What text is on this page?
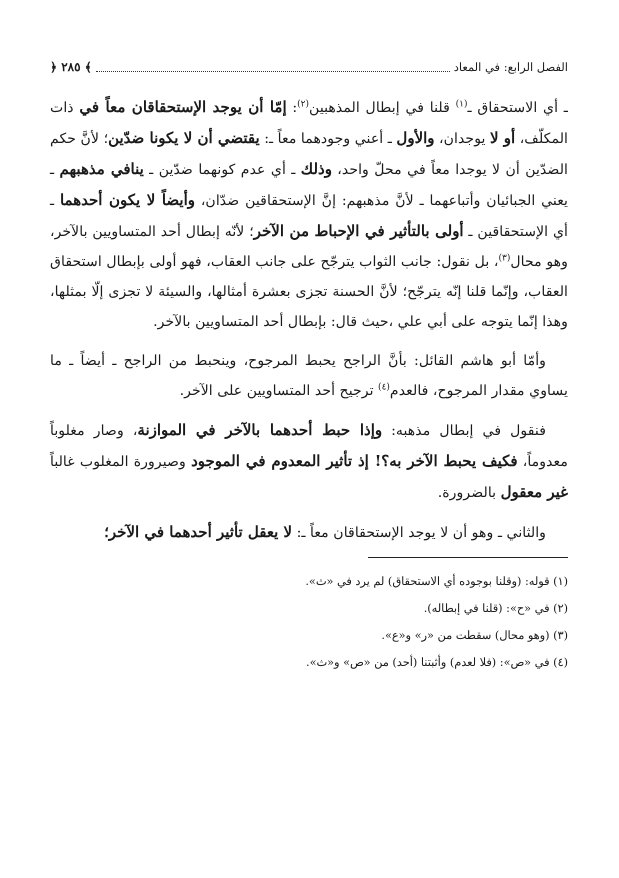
الفصل الرابع: في المعاد
﴿ ٢٨٥ ﴾

ـ أي الاستحقاق ـ$^{(١)}$ قلنا في إبطال المذهبين$^{(٢)}$: إمّا أن يوجد الإستحقاقان معاً في ذات المكلّف، أو لا يوجدان، والأول ـ أعني وجودهما معاً ـ: يقتضي أن لا يكونا ضدّين؛ لأنَّ حكم الضدّين أن لا يوجدا معاً في محلّ واحد، وذلك ـ أي عدم كونهما ضدّين ـ ينافي مذهبهم ـ يعني الجبائيان وأتباعهما ـ لأنَّ مذهبهم: إنَّ الإستحقاقين ضدّان، وأيضاً لا يكون أحدهما ـ أي الإستحقاقين ـ أولى بالتأثير في الإحباط من الآخر؛ لأنّه إبطال أحد المتساويين بالآخر، وهو محال$^{(٣)}$، بل نقول: جانب الثواب يترجّح على جانب العقاب، فهو أولى بإبطال استحقاق العقاب، وإنّما قلنا إنّه يترجّح؛ لأنَّ الحسنة تجزى بعشرة أمثالها، والسيئة لا تجزى إلّا بمثلها، وهذا إنّما يتوجه على أبي علي ،حيث قال: بإبطال أحد المتساويين بالآخر.

وأمّا أبو هاشم القائل: بأنَّ الراجح يحبط المرجوح، وينحبط من الراجح ـ أيضاً ـ ما يساوي مقدار المرجوح، فالعدم$^{(٤)}$ ترجيح أحد المتساويين على الآخر.

فنقول في إبطال مذهبه: وإذا حبط أحدهما بالآخر في الموازنة، وصار مغلوباً معدوماً، فكيف يحبط الآخر به؟! إذ تأثير المعدوم في الموجود وصيرورة المغلوب غالباً غير معقول بالضرورة.

والثاني ـ وهو أن لا يوجد الإستحقاقان معاً ـ: لا يعقل تأثير أحدهما في الآخر؛

(١) قوله: (وقلنا بوجوده أي الاستحقاق) لم يرد في «ث».
(٢) في «ح»: (قلنا في إبطاله).
(٣) (وهو محال) سقطت من «ر» و«ع».
(٤) في «ص»: (فلا لعدم) وأثبتنا (أحد) من «ص» و«ث».
